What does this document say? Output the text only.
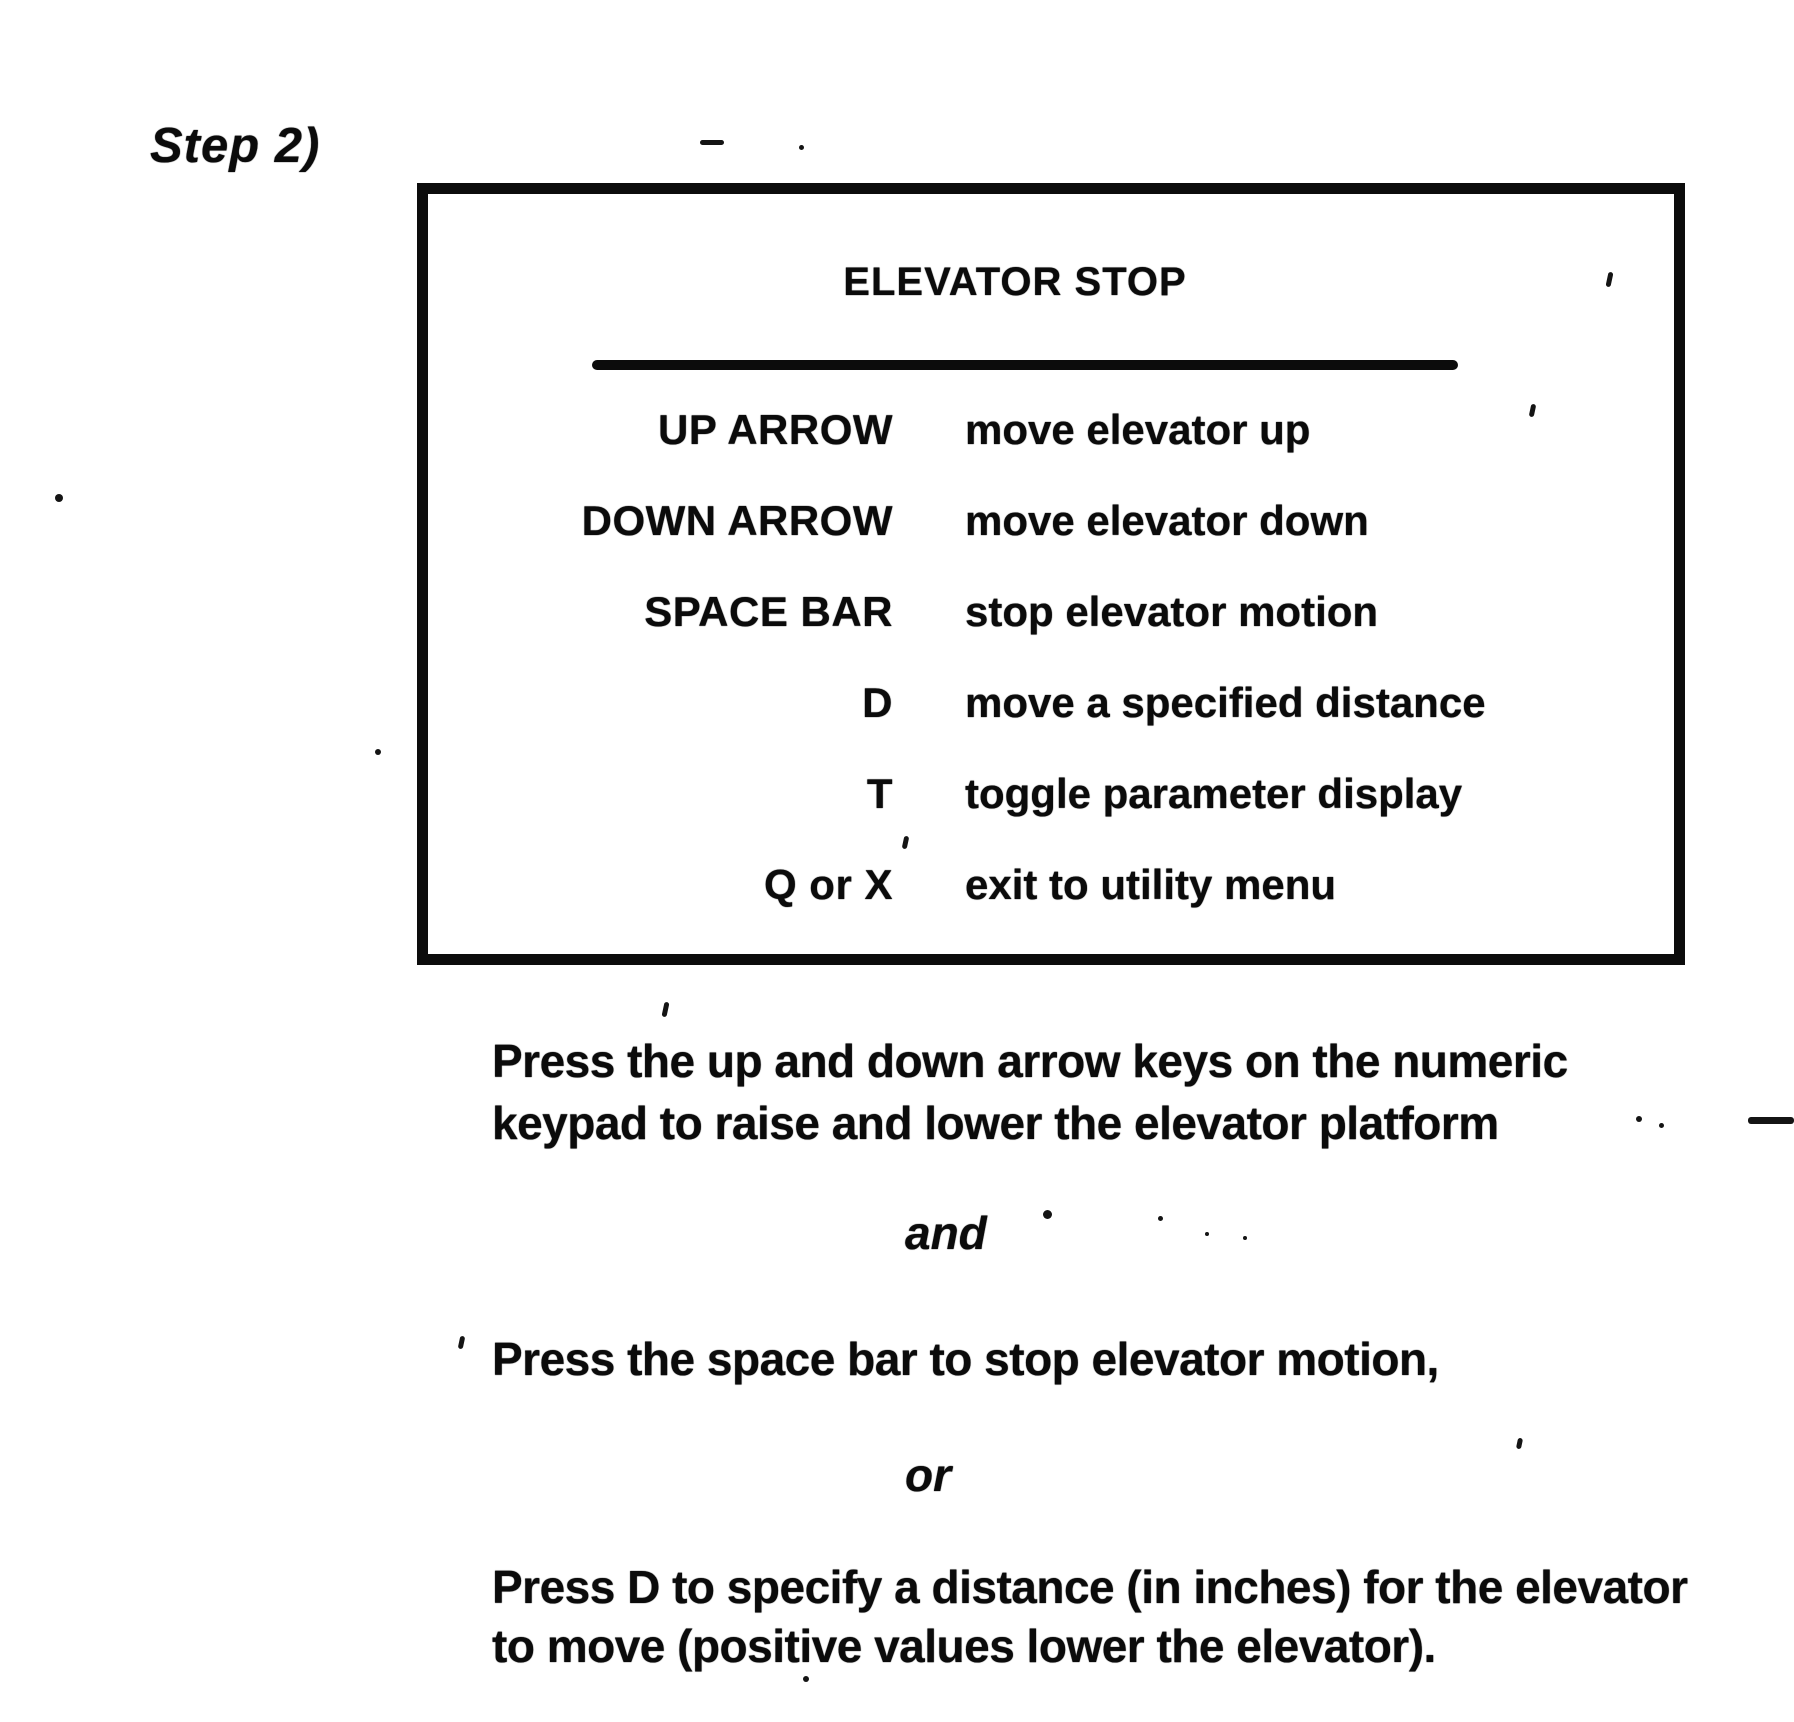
Step 2)
ELEVATOR STOP
UP ARROW move elevator up
DOWN ARROW move elevator down
SPACE BAR stop elevator motion
D move a specified distance
T toggle parameter display
Q or X exit to utility menu
Press the up and down arrow keys on the numeric
keypad to raise and lower the elevator platform
and
Press the space bar to stop elevator motion,
or
Press D to specify a distance (in inches) for the elevator
to move (positive values lower the elevator).
